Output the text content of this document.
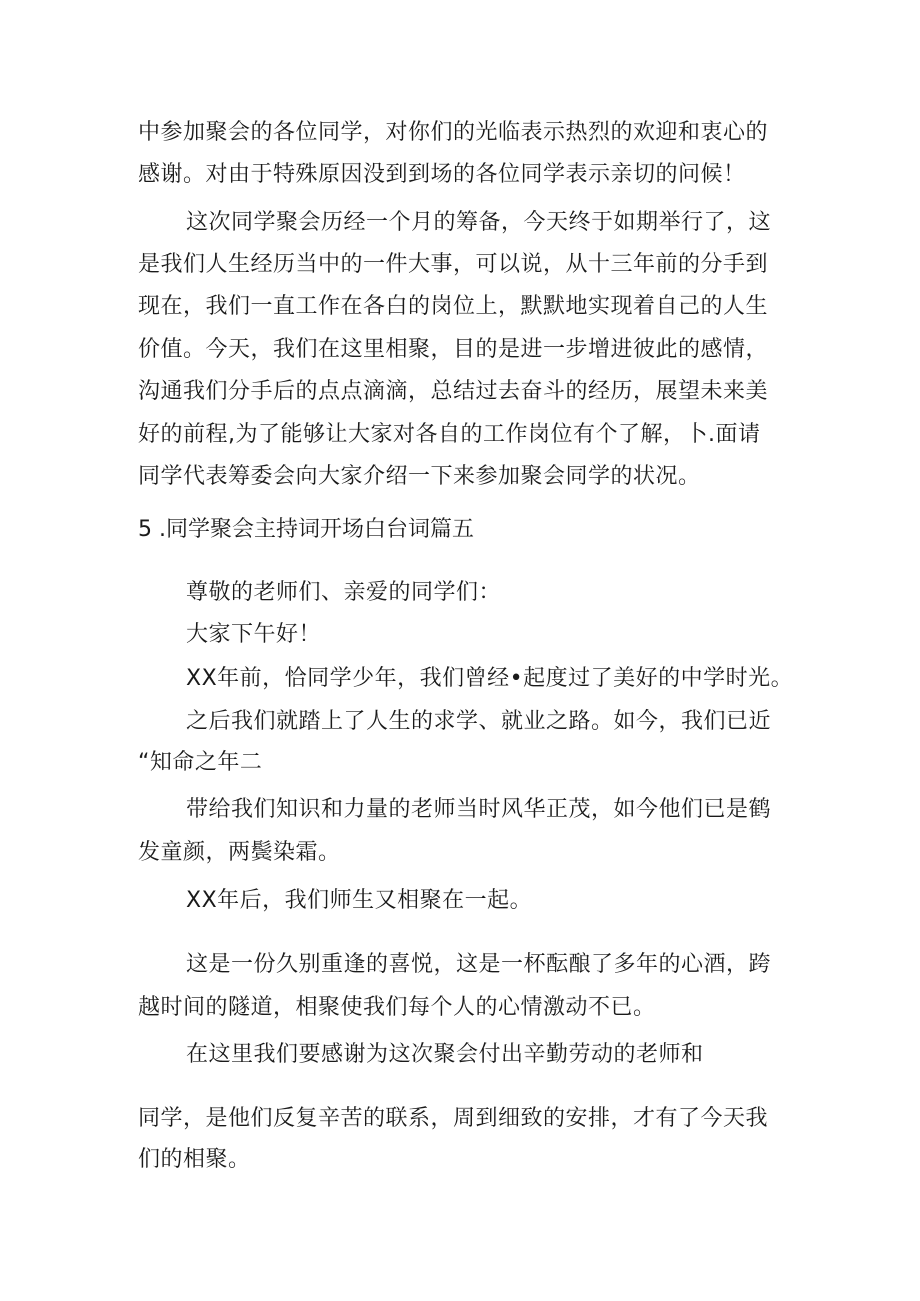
中参加聚会的各位同学，对你们的光临表示热烈的欢迎和衷心的
感谢。对由于特殊原因没到到场的各位同学表示亲切的问候！
这次同学聚会历经一个月的筹备，今天终于如期举行了，这
是我们人生经历当中的一件大事，可以说，从十三年前的分手到
现在，我们一直工作在各白的岗位上，默默地实现着自己的人生
价值。今天，我们在这里相聚，目的是进一步增进彼此的感情，
沟通我们分手后的点点滴滴，总结过去奋斗的经历，展望未来美
好的前程,为了能够让大家对各自的工作岗位有个了解，卜.面请
同学代表筹委会向大家介绍一下来参加聚会同学的状况。
5 .同学聚会主持词开场白台词篇五
尊敬的老师们、亲爱的同学们：
大家下午好！
XX年前，恰同学少年，我们曾经•起度过了美好的中学时光。
之后我们就踏上了人生的求学、就业之路。如今，我们已近
“知命之年二
带给我们知识和力量的老师当时风华正茂，如今他们已是鹤
发童颜，两鬓染霜。
XX年后，我们师生又相聚在一起。
这是一份久别重逢的喜悦，这是一杯酝酿了多年的心酒，跨
越时间的隧道，相聚使我们每个人的心情激动不已。
在这里我们要感谢为这次聚会付出辛勤劳动的老师和
同学，是他们反复辛苦的联系，周到细致的安排，才有了今天我
们的相聚。
